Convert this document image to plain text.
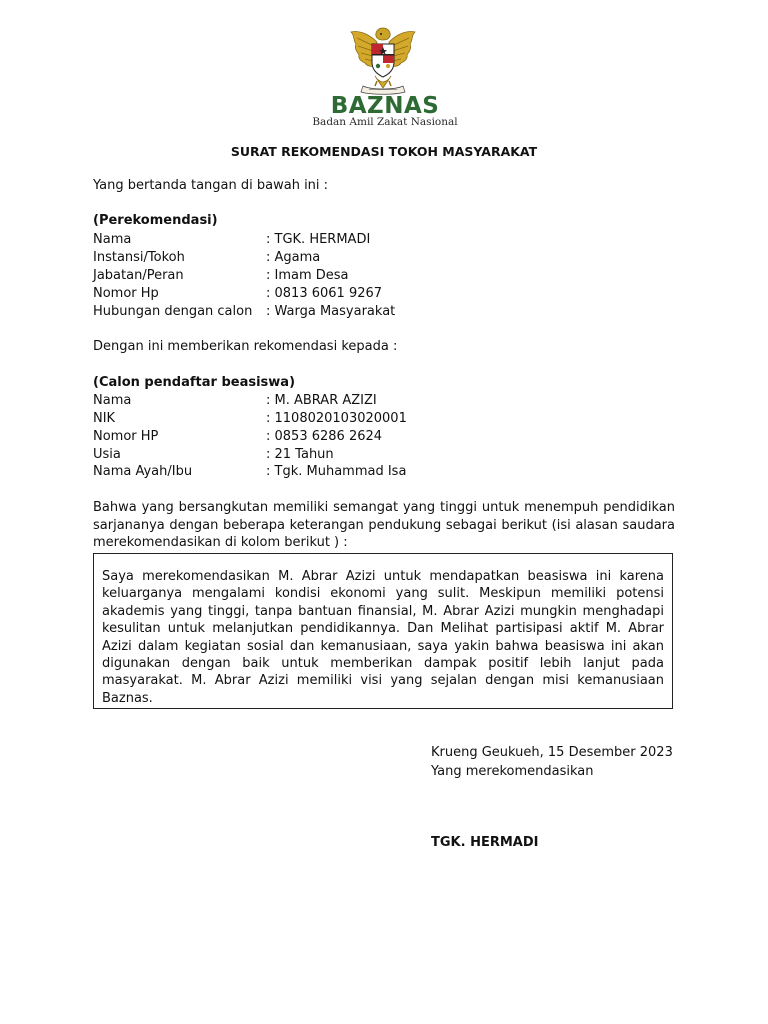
BAZNAS
Badan Amil Zakat Nasional
SURAT REKOMENDASI TOKOH MASYARAKAT
Yang bertanda tangan di bawah ini :
(Perekomendasi)
Nama	: TGK. HERMADI
Instansi/Tokoh	: Agama
Jabatan/Peran	: Imam Desa
Nomor Hp	: 0813 6061 9267
Hubungan dengan calon : Warga Masyarakat
Dengan ini memberikan rekomendasi kepada :
(Calon pendaftar beasiswa)
Nama	: M. ABRAR AZIZI
NIK	: 1108020103020001
Nomor HP	: 0853 6286 2624
Usia	: 21 Tahun
Nama Ayah/Ibu	: Tgk. Muhammad Isa
Bahwa yang bersangkutan memiliki semangat yang tinggi untuk menempuh pendidikan sarjananya dengan beberapa keterangan pendukung sebagai berikut (isi alasan saudara merekomendasikan di kolom berikut ) :
Saya merekomendasikan M. Abrar Azizi untuk mendapatkan beasiswa ini karena keluarganya mengalami kondisi ekonomi yang sulit. Meskipun memiliki potensi akademis yang tinggi, tanpa bantuan finansial, M. Abrar Azizi mungkin menghadapi kesulitan untuk melanjutkan pendidikannya. Dan Melihat partisipasi aktif M. Abrar Azizi dalam kegiatan sosial dan kemanusiaan, saya yakin bahwa beasiswa ini akan digunakan dengan baik untuk memberikan dampak positif lebih lanjut pada masyarakat. M. Abrar Azizi memiliki visi yang sejalan dengan misi kemanusiaan Baznas.
Krueng Geukueh, 15 Desember 2023
Yang merekomendasikan
TGK. HERMADI
